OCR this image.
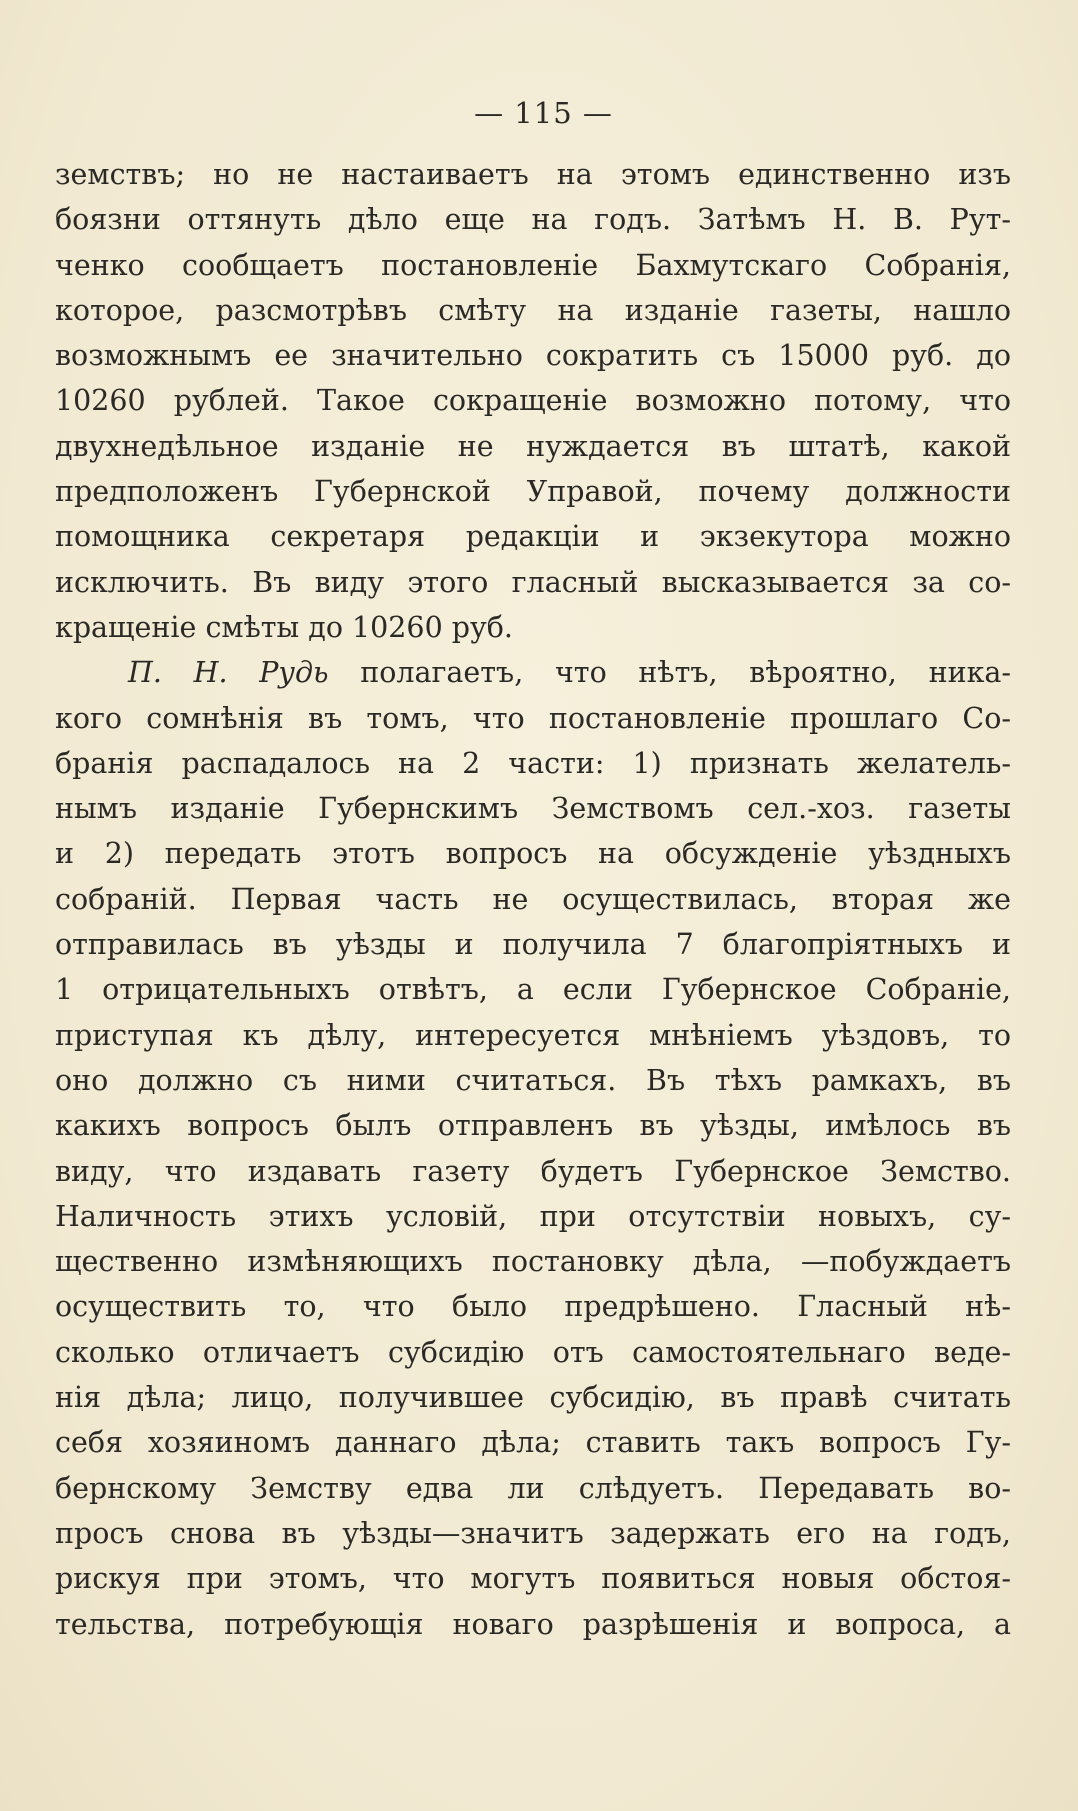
— 115 —
земствъ; но не настаиваетъ на этомъ единственно изъ
боязни оттянуть дѣло еще на годъ. Затѣмъ Н. В. Рут-
ченко сообщаетъ постановленіе Бахмутскаго Собранія,
которое, разсмотрѣвъ смѣту на изданіе газеты, нашло
возможнымъ ее значительно сократить съ 15000 руб. до
10260 рублей. Такое сокращеніе возможно потому, что
двухнедѣльное изданіе не нуждается въ штатѣ, какой
предположенъ Губернской Управой, почему должности
помощника секретаря редакціи и экзекутора можно
исключить. Въ виду этого гласный высказывается за со-
кращеніе смѣты до 10260 руб.
П. Н. Рудь полагаетъ, что нѣтъ, вѣроятно, ника-
кого сомнѣнія въ томъ, что постановленіе прошлаго Со-
бранія распадалось на 2 части: 1) признать желатель-
нымъ изданіе Губернскимъ Земствомъ сел.-хоз. газеты
и 2) передать этотъ вопросъ на обсужденіе уѣздныхъ
собраній. Первая часть не осуществилась, вторая же
отправилась въ уѣзды и получила 7 благопріятныхъ и
1 отрицательныхъ отвѣтъ, а если Губернское Собраніе,
приступая къ дѣлу, интересуется мнѣніемъ уѣздовъ, то
оно должно съ ними считаться. Въ тѣхъ рамкахъ, въ
какихъ вопросъ былъ отправленъ въ уѣзды, имѣлось въ
виду, что издавать газету будетъ Губернское Земство.
Наличность этихъ условій, при отсутствіи новыхъ, су-
щественно измѣняющихъ постановку дѣла, —побуждаетъ
осуществить то, что было предрѣшено. Гласный нѣ-
сколько отличаетъ субсидію отъ самостоятельнаго веде-
нія дѣла; лицо, получившее субсидію, въ правѣ считать
себя хозяиномъ даннаго дѣла; ставить такъ вопросъ Гу-
бернскому Земству едва ли слѣдуетъ. Передавать во-
просъ снова въ уѣзды—значитъ задержать его на годъ,
рискуя при этомъ, что могутъ появиться новыя обстоя-
тельства, потребующія новаго разрѣшенія и вопроса, а
